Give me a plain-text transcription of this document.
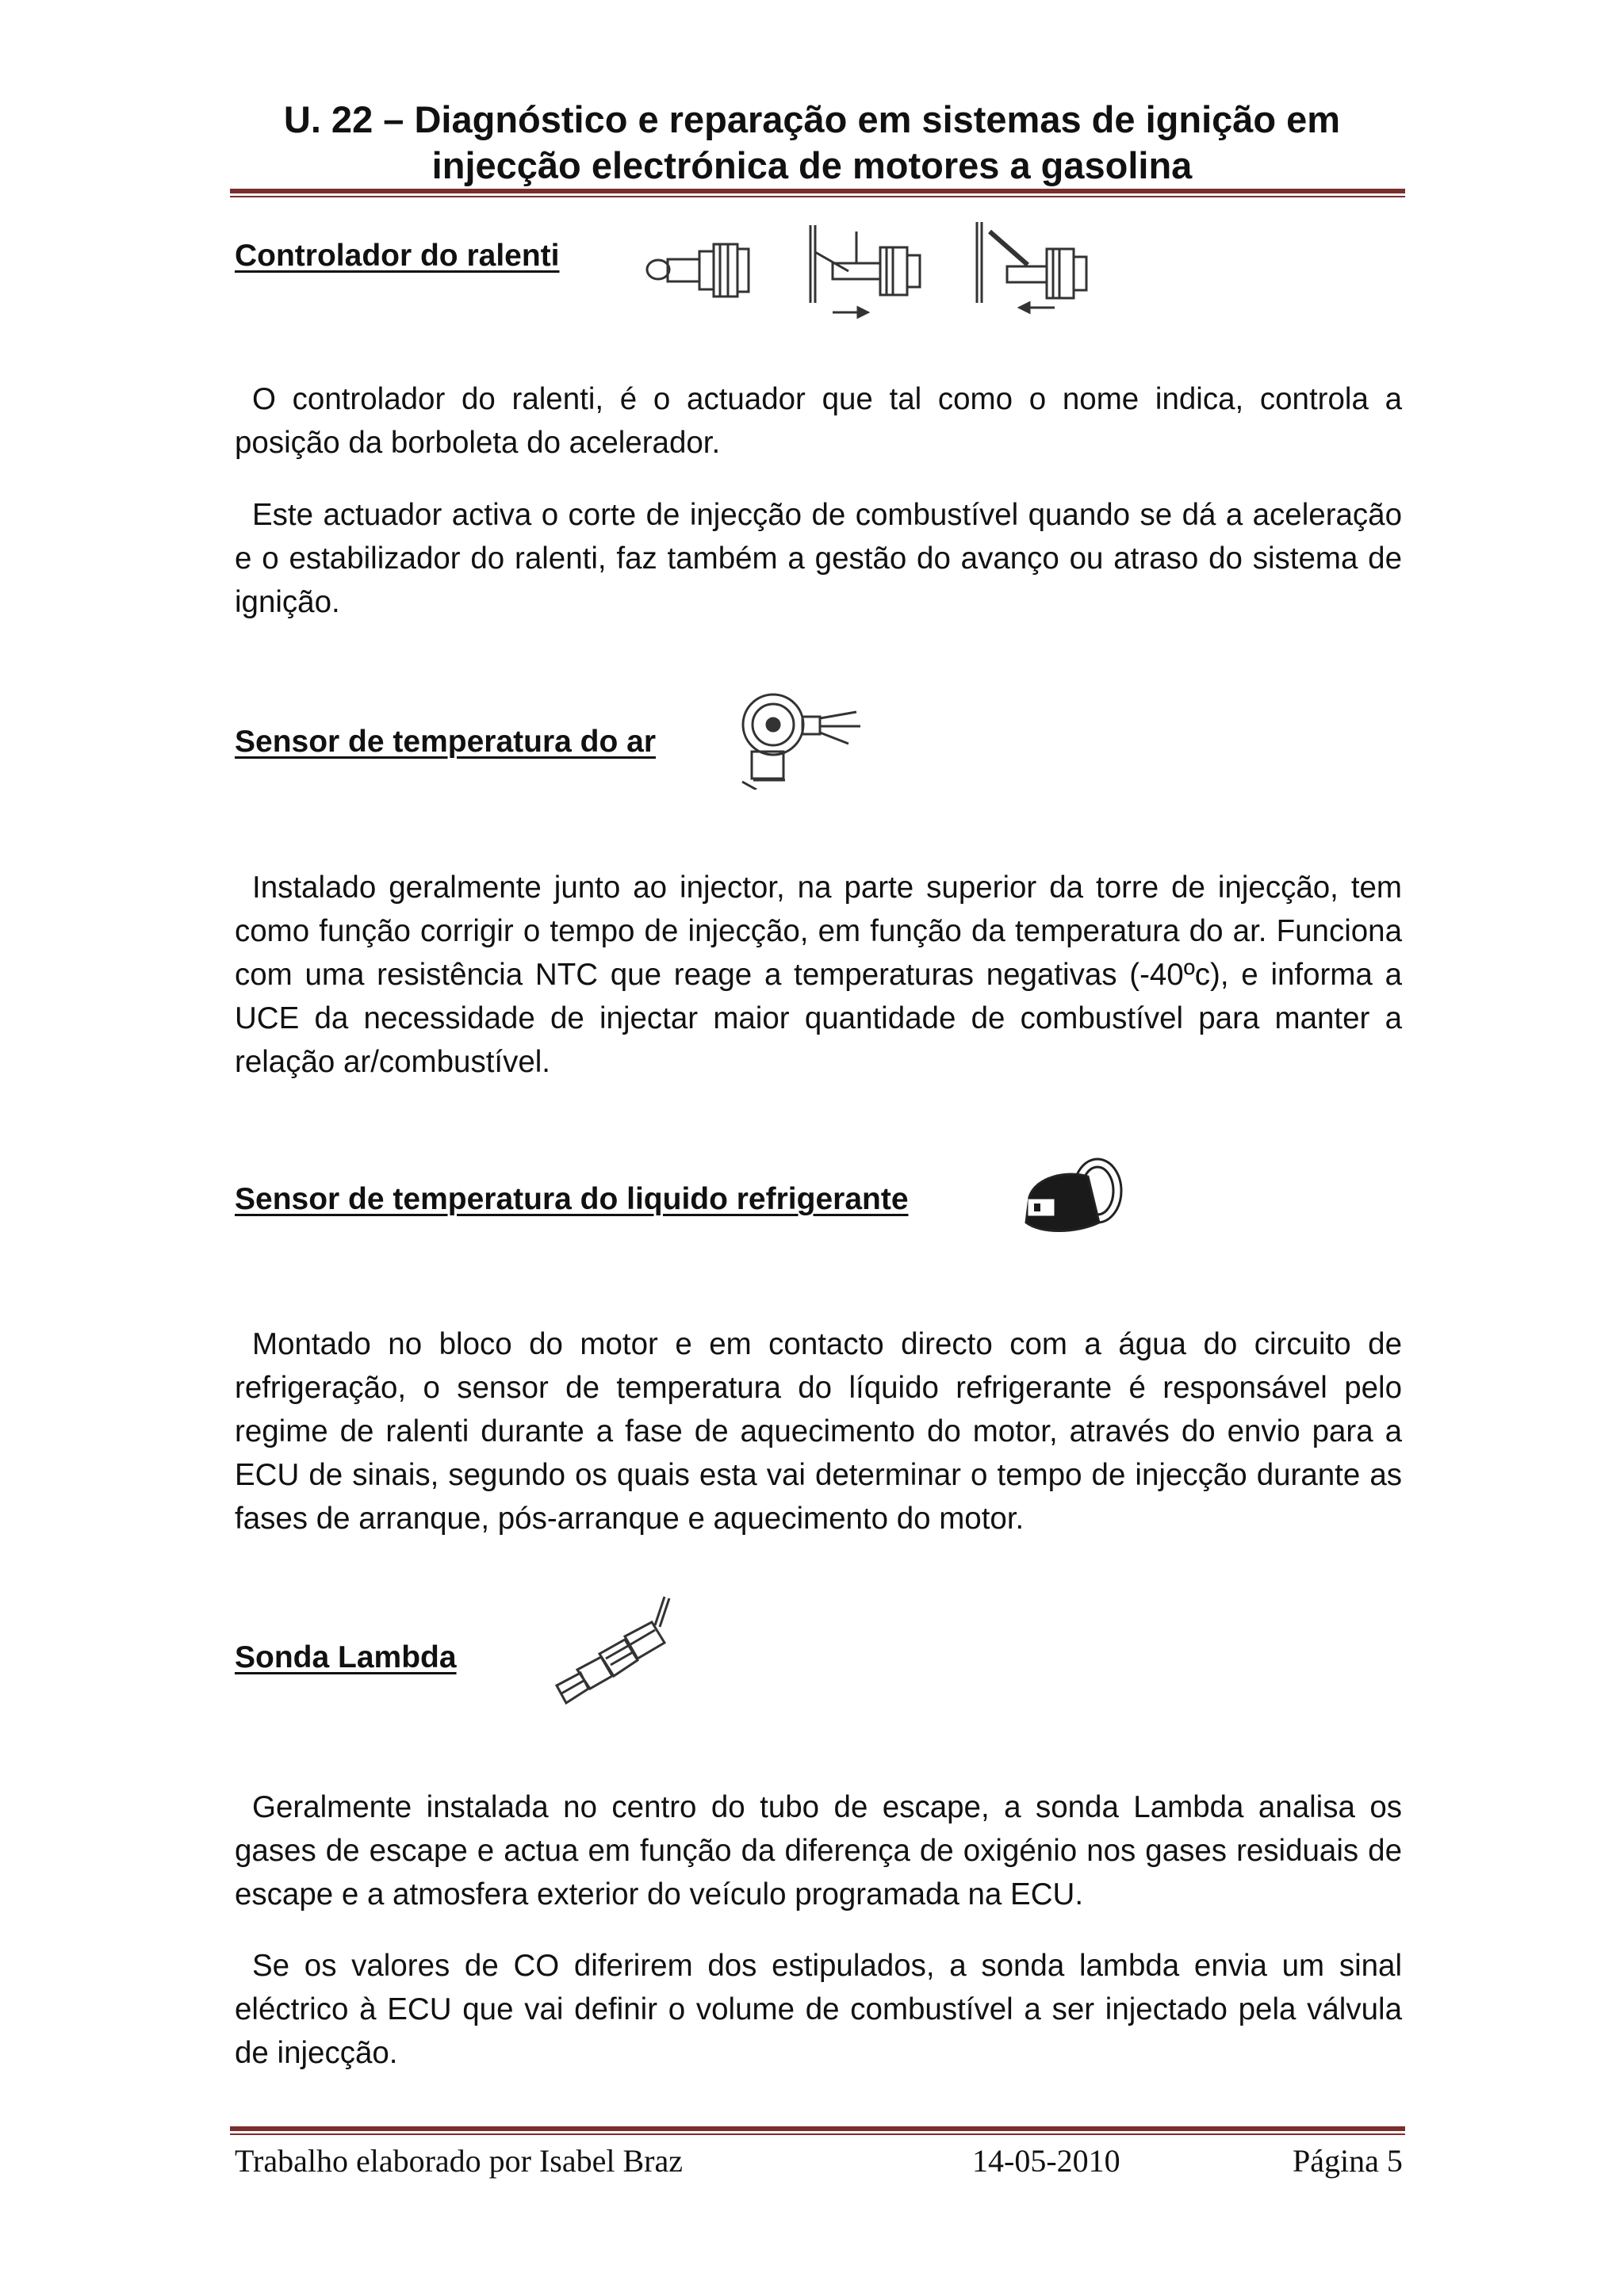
U. 22 – Diagnóstico e reparação em sistemas de ignição em
injecção electrónica de motores a gasolina
Controlador do ralenti

O controlador do ralenti, é o actuador que tal como o nome indica, controla a posição da borboleta do acelerador.

Este actuador activa o corte de injecção de combustível quando se dá a aceleração e o estabilizador do ralenti, faz também a gestão do avanço ou atraso do sistema de ignição.

Sensor de temperatura do ar

Instalado geralmente junto ao injector, na parte superior da torre de injecção, tem como função corrigir o tempo de injecção, em função da temperatura do ar. Funciona com uma resistência NTC que reage a temperaturas negativas (-40ºc), e informa a UCE da necessidade de injectar maior quantidade de combustível para manter a relação ar/combustível.

Sensor de temperatura do liquido refrigerante

Montado no bloco do motor e em contacto directo com a água do circuito de refrigeração, o sensor de temperatura do líquido refrigerante é responsável pelo regime de ralenti durante a fase de aquecimento do motor, através do envio para a ECU de sinais, segundo os quais esta vai determinar o tempo de injecção durante as fases de arranque, pós-arranque e aquecimento do motor.

Sonda Lambda

Geralmente instalada no centro do tubo de escape, a sonda Lambda analisa os gases de escape e actua em função da diferença de oxigénio nos gases residuais de escape e a atmosfera exterior do veículo programada na ECU.

Se os valores de CO diferirem dos estipulados, a sonda lambda envia um sinal eléctrico à ECU que vai definir o volume de combustível a ser injectado pela válvula de injecção.

Trabalho elaborado por Isabel Braz	14-05-2010	Página 5
